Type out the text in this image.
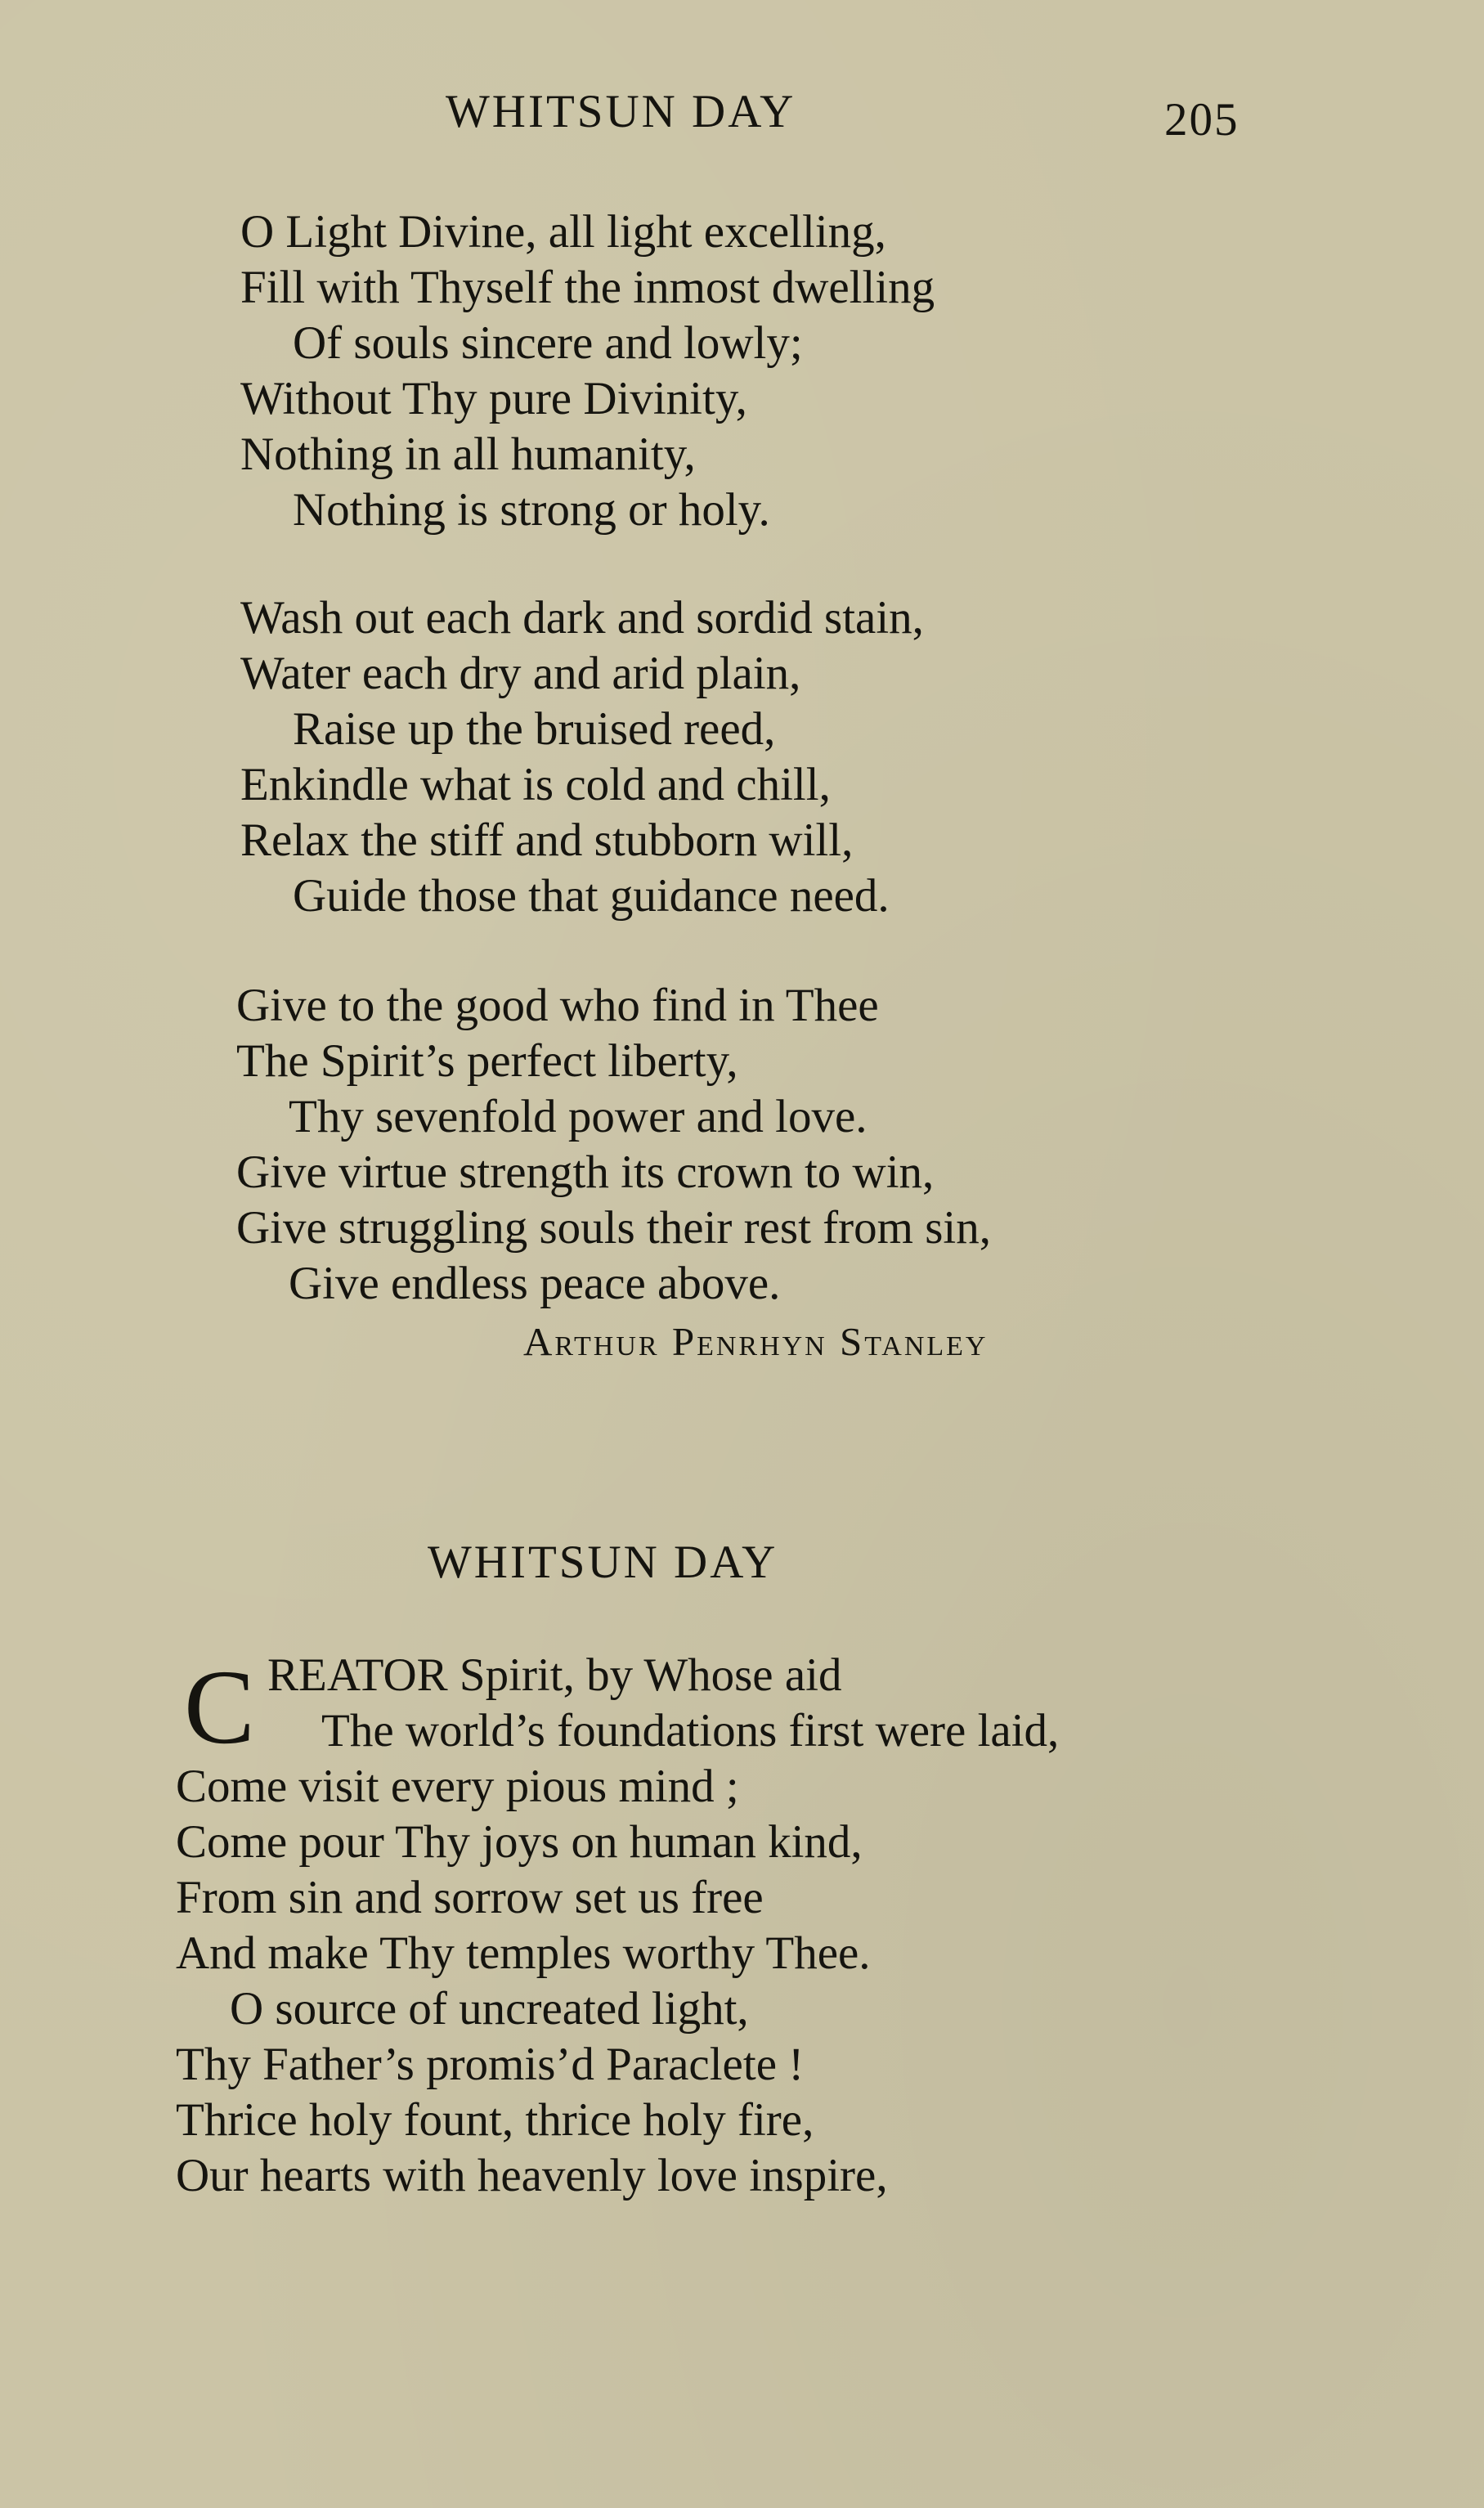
WHITSUN DAY	205
O Light Divine, all light excelling,
Fill with Thyself the inmost dwelling
Of souls sincere and lowly;
Without Thy pure Divinity,
Nothing in all humanity,
Nothing is strong or holy.
Wash out each dark and sordid stain,
Water each dry and arid plain,
Raise up the bruised reed,
Enkindle what is cold and chill,
Relax the stiff and stubborn will,
Guide those that guidance need.
Give to the good who find in Thee
The Spirit’s perfect liberty,
Thy sevenfold power and love.
Give virtue strength its crown to win,
Give struggling souls their rest from sin,
Give endless peace above.
Arthur Penrhyn Stanley
WHITSUN DAY
C REATOR Spirit, by Whose aid
The world’s foundations first were laid,
Come visit every pious mind ;
Come pour Thy joys on human kind,
From sin and sorrow set us free
And make Thy temples worthy Thee.
O source of uncreated light,
Thy Father’s promis’d Paraclete !
Thrice holy fount, thrice holy fire,
Our hearts with heavenly love inspire,
